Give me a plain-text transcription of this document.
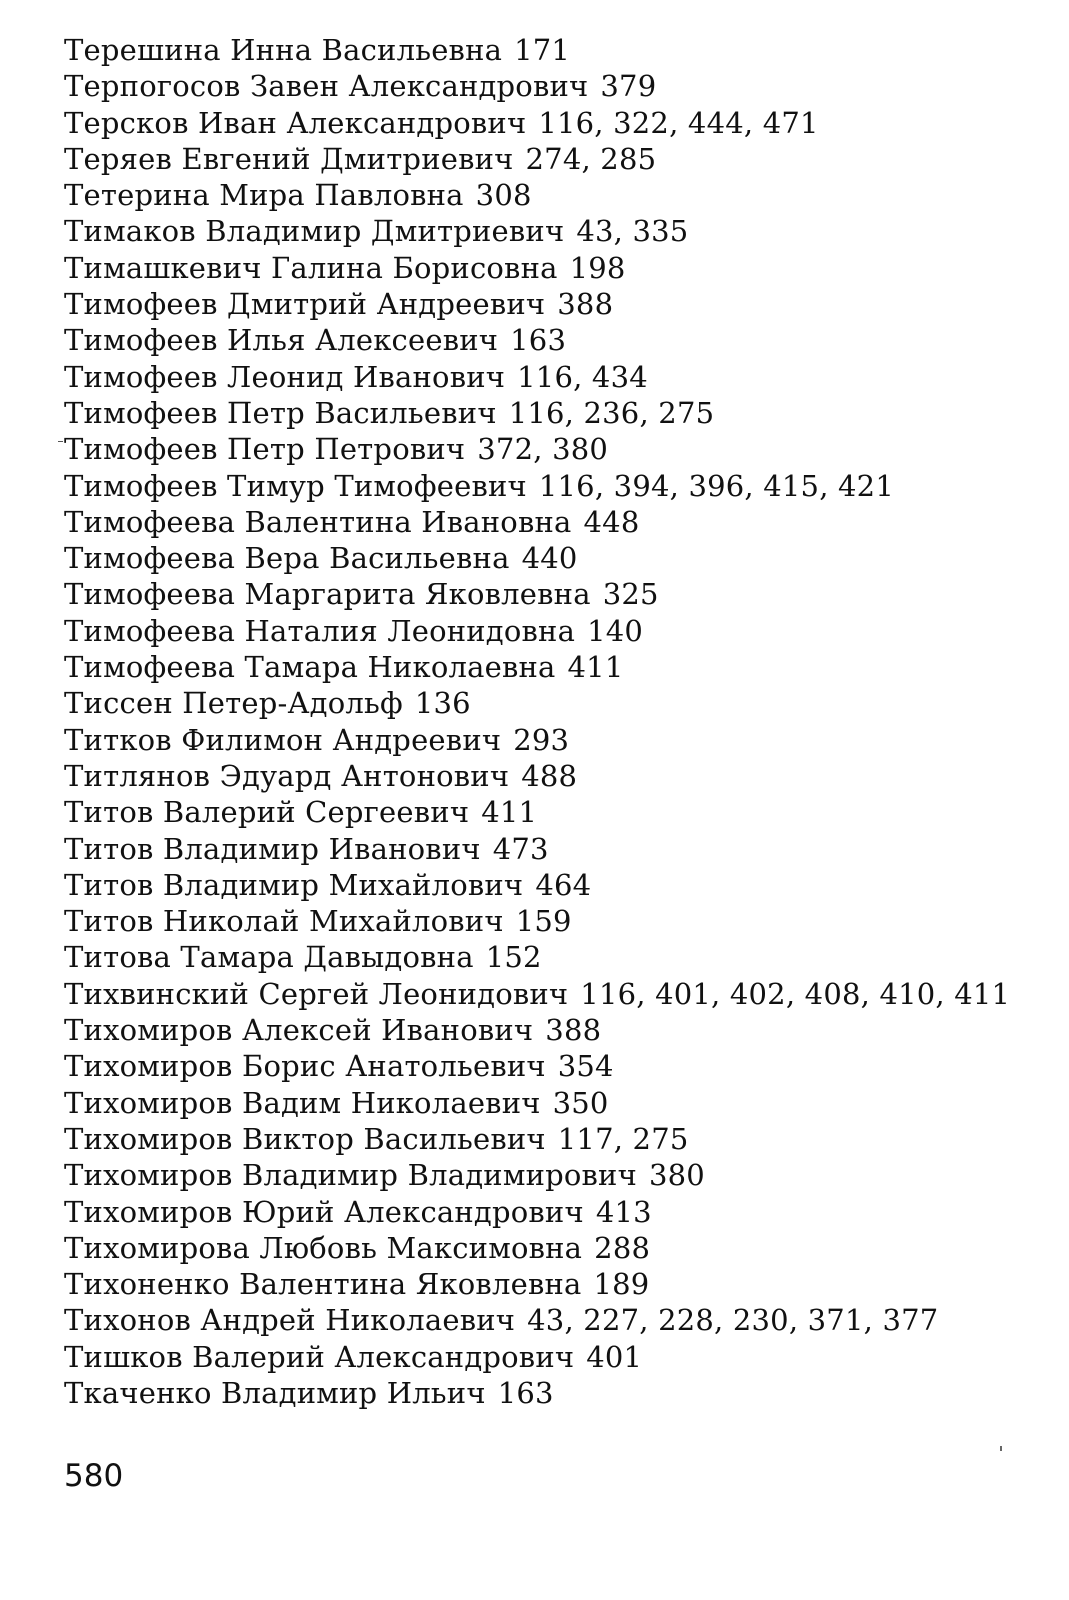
Терешина Инна Васильевна 171
Терпогосов Завен Александрович 379
Терсков Иван Александрович 116, 322, 444, 471
Теряев Евгений Дмитриевич 274, 285
Тетерина Мира Павловна 308
Тимаков Владимир Дмитриевич 43, 335
Тимашкевич Галина Борисовна 198
Тимофеев Дмитрий Андреевич 388
Тимофеев Илья Алексеевич 163
Тимофеев Леонид Иванович 116, 434
Тимофеев Петр Васильевич 116, 236, 275
Тимофеев Петр Петрович 372, 380
Тимофеев Тимур Тимофеевич 116, 394, 396, 415, 421
Тимофеева Валентина Ивановна 448
Тимофеева Вера Васильевна 440
Тимофеева Маргарита Яковлевна 325
Тимофеева Наталия Леонидовна 140
Тимофеева Тамара Николаевна 411
Тиссен Петер-Адольф 136
Титков Филимон Андреевич 293
Титлянов Эдуард Антонович 488
Титов Валерий Сергеевич 411
Титов Владимир Иванович 473
Титов Владимир Михайлович 464
Титов Николай Михайлович 159
Титова Тамара Давыдовна 152
Тихвинский Сергей Леонидович 116, 401, 402, 408, 410, 411
Тихомиров Алексей Иванович 388
Тихомиров Борис Анатольевич 354
Тихомиров Вадим Николаевич 350
Тихомиров Виктор Васильевич 117, 275
Тихомиров Владимир Владимирович 380
Тихомиров Юрий Александрович 413
Тихомирова Любовь Максимовна 288
Тихоненко Валентина Яковлевна 189
Тихонов Андрей Николаевич 43, 227, 228, 230, 371, 377
Тишков Валерий Александрович 401
Ткаченко Владимир Ильич 163
580
